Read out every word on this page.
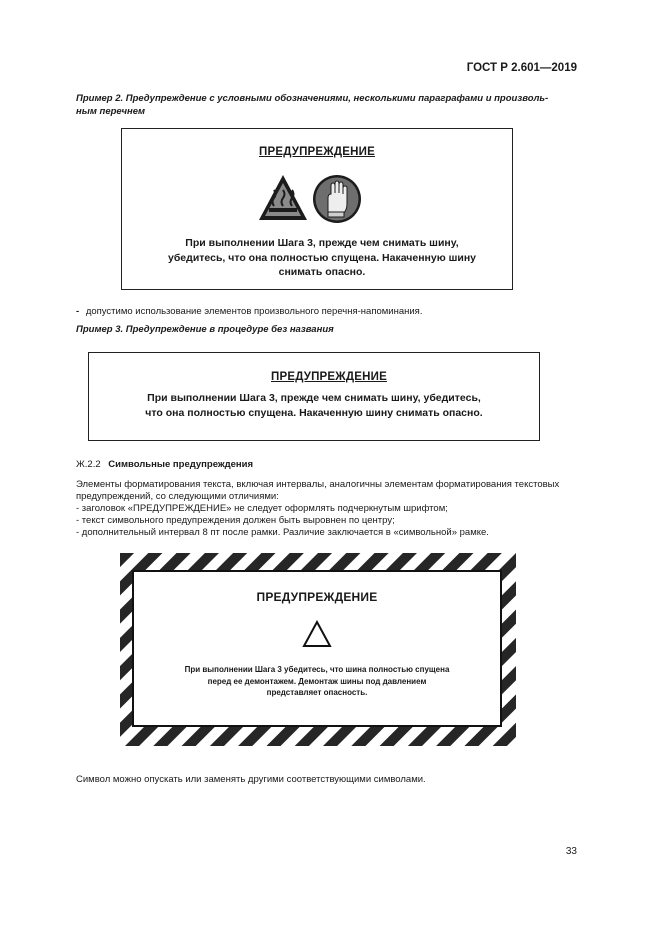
ГОСТ Р 2.601—2019
Пример 2. Предупреждение с условными обозначениями, несколькими параграфами и произволь-
ным перечнем
ПРЕДУПРЕЖДЕНИЕ
При выполнении Шага 3, прежде чем снимать шину,
убедитесь, что она полностью спущена. Накаченную шину
снимать опасно.
- допустимо использование элементов произвольного перечня-напоминания.
Пример 3. Предупреждение в процедуре без названия
ПРЕДУПРЕЖДЕНИЕ
При выполнении Шага 3, прежде чем снимать шину, убедитесь,
что она полностью спущена. Накаченную шину снимать опасно.
Ж.2.2 Символьные предупреждения
Элементы форматирования текста, включая интервалы, аналогичны элементам форматирования текстовых
предупреждений, со следующими отличиями:
- заголовок «ПРЕДУПРЕЖДЕНИЕ» не следует оформлять подчеркнутым шрифтом;
- текст символьного предупреждения должен быть выровнен по центру;
- дополнительный интервал 8 пт после рамки. Различие заключается в «символьной» рамке.
ПРЕДУПРЕЖДЕНИЕ
При выполнении Шага 3 убедитесь, что шина полностью спущена
перед ее демонтажем. Демонтаж шины под давлением
представляет опасность.
Символ можно опускать или заменять другими соответствующими символами.
33
